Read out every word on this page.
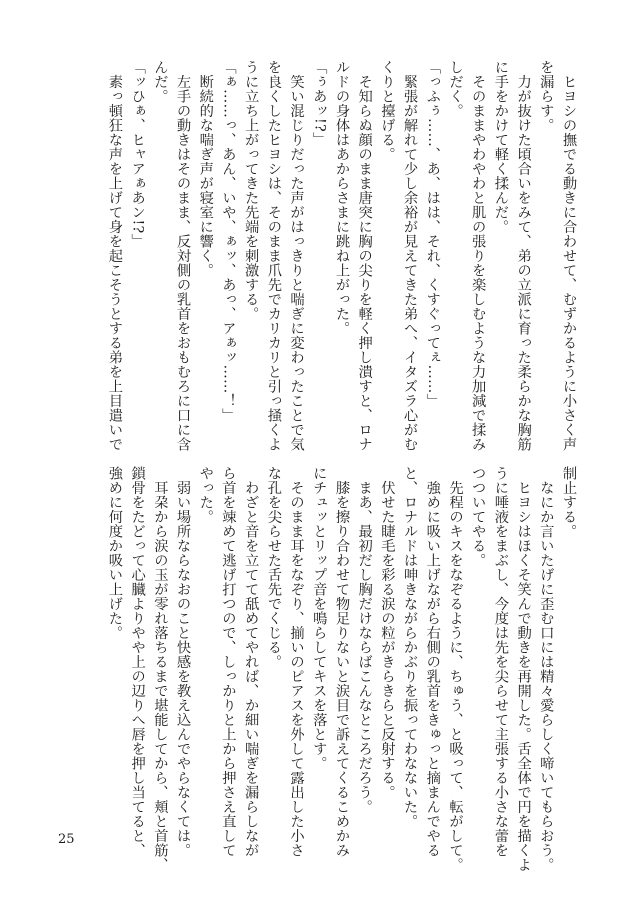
　ヒヨシの撫でる動きに合わせて、むずかるように小さく声
を漏らす。
　力が抜けた頃合いをみて、弟の立派に育った柔らかな胸筋
に手をかけて軽く揉んだ。
　そのままやわやわと肌の張りを楽しむような力加減で揉み
しだく。
「っふぅ……、あ、はは、それ、くすぐってぇ……」
　緊張が解れて少し余裕が見えてきた弟へ、イタズラ心がむ
くりと擡げる。
　そ知らぬ顔のまま唐突に胸の尖りを軽く押し潰すと、ロナ
ルドの身体はあからさまに跳ね上がった。
「ぅあッ!?」
　笑い混じりだった声がはっきりと喘ぎに変わったことで気
を良くしたヒヨシは、そのまま爪先でカリカリと引っ掻くよ
うに立ち上がってきた先端を刺激する。
「ぁ……っ、あん、いや、ぁッ、あっ、アぁッ……！」
　断続的な喘ぎ声が寝室に響く。
　左手の動きはそのまま、反対側の乳首をおもむろに口に含
んだ。
「ッひぁ、ヒャアぁあン!?」
　素っ頓狂な声を上げて身を起こそうとする弟を上目遣いで
制止する。
　なにか言いたげに歪む口には精々愛らしく啼いてもらおう。
　ヒヨシはほくそ笑んで動きを再開した。舌全体で円を描くよ
うに唾液をまぶし、今度は先を尖らせて主張する小さな蕾を
つついてやる。
　先程のキスをなぞるように、ちゅう、と吸って、転がして。
　強めに吸い上げながら右側の乳首をきゅっと摘まんでやる
と、ロナルドは呻きながらかぶりを振ってわなないた。
　伏せた睫毛を彩る涙の粒がきらきらと反射する。
　まあ、最初だし胸だけならばこんなところだろう。
　膝を擦り合わせて物足りないと涙目で訴えてくるこめかみ
にチュッとリップ音を鳴らしてキスを落とす。
　そのまま耳をなぞり、揃いのピアスを外して露出した小さ
な孔を尖らせた舌先でくじる。
　わざと音を立てて舐めてやれば、か細い喘ぎを漏らしなが
ら首を竦めて逃げ打つので、しっかりと上から押さえ直して
やった。
　弱い場所ならなおのこと快感を教え込んでやらなくては。
　耳朶から涙の玉が零れ落ちるまで堪能してから、頬と首筋、
鎖骨をたどって心臓よりやや上の辺りへ唇を押し当てると、
強めに何度か吸い上げた。
25
